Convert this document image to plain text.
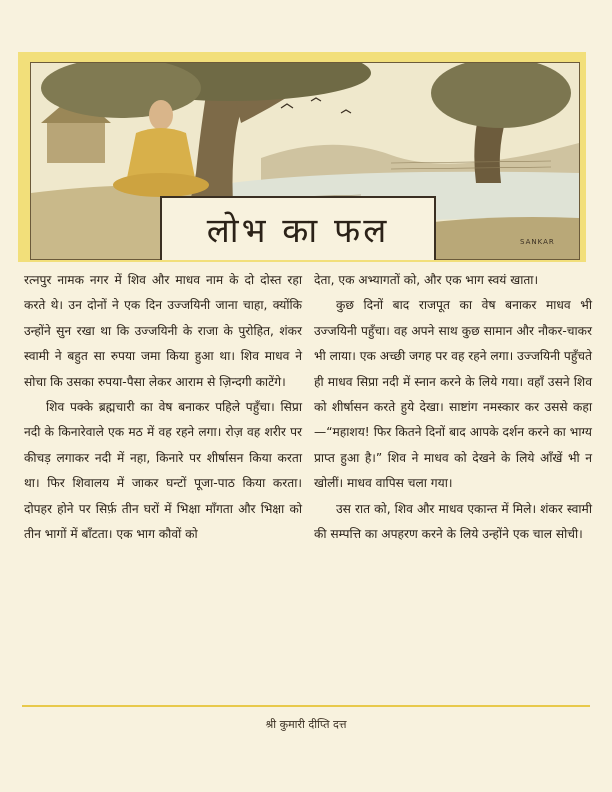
लोभ का फल	SANKAR

रत्नपुर नामक नगर में शिव और माधव नाम के दो दोस्त रहा करते थे। उन दोनों ने एक दिन उज्जयिनी जाना चाहा, क्योंकि उन्होंने सुन रखा था कि उज्जयिनी के राजा के पुरोहित, शंकर स्वामी ने बहुत सा रुपया जमा किया हुआ था। शिव माधव ने सोचा कि उसका रुपया-पैसा लेकर आराम से ज़िन्दगी काटेंगे।

शिव पक्के ब्रह्मचारी का वेष बनाकर पहिले पहुँचा। सिप्रा नदी के किनारेवाले एक मठ में वह रहने लगा। रोज़ वह शरीर पर कीचड़ लगाकर नदी में नहा, किनारे पर शीर्षासन किया करता था। फिर शिवालय में जाकर घन्टों पूजा-पाठ किया करता। दोपहर होने पर सिर्फ़ तीन घरों में भिक्षा माँगता और भिक्षा को तीन भागों में बाँटता। एक भाग कौवों को

देता, एक अभ्यागतों को, और एक भाग स्वयं खाता।

कुछ दिनों बाद राजपूत का वेष बनाकर माधव भी उज्जयिनी पहुँचा। वह अपने साथ कुछ सामान और नौकर-चाकर भी लाया। एक अच्छी जगह पर वह रहने लगा। उज्जयिनी पहुँचते ही माधव सिप्रा नदी में स्नान करने के लिये गया। वहाँ उसने शिव को शीर्षासन करते हुये देखा। साष्टांग नमस्कार कर उससे कहा—“महाशय! फिर कितने दिनों बाद आपके दर्शन करने का भाग्य प्राप्त हुआ है।” शिव ने माधव को देखने के लिये आँखें भी न खोलीं। माधव वापिस चला गया।

उस रात को, शिव और माधव एकान्त में मिले। शंकर स्वामी की सम्पत्ति का अपहरण करने के लिये उन्होंने एक चाल सोची।

श्री कुमारी दीप्ति दत्त
